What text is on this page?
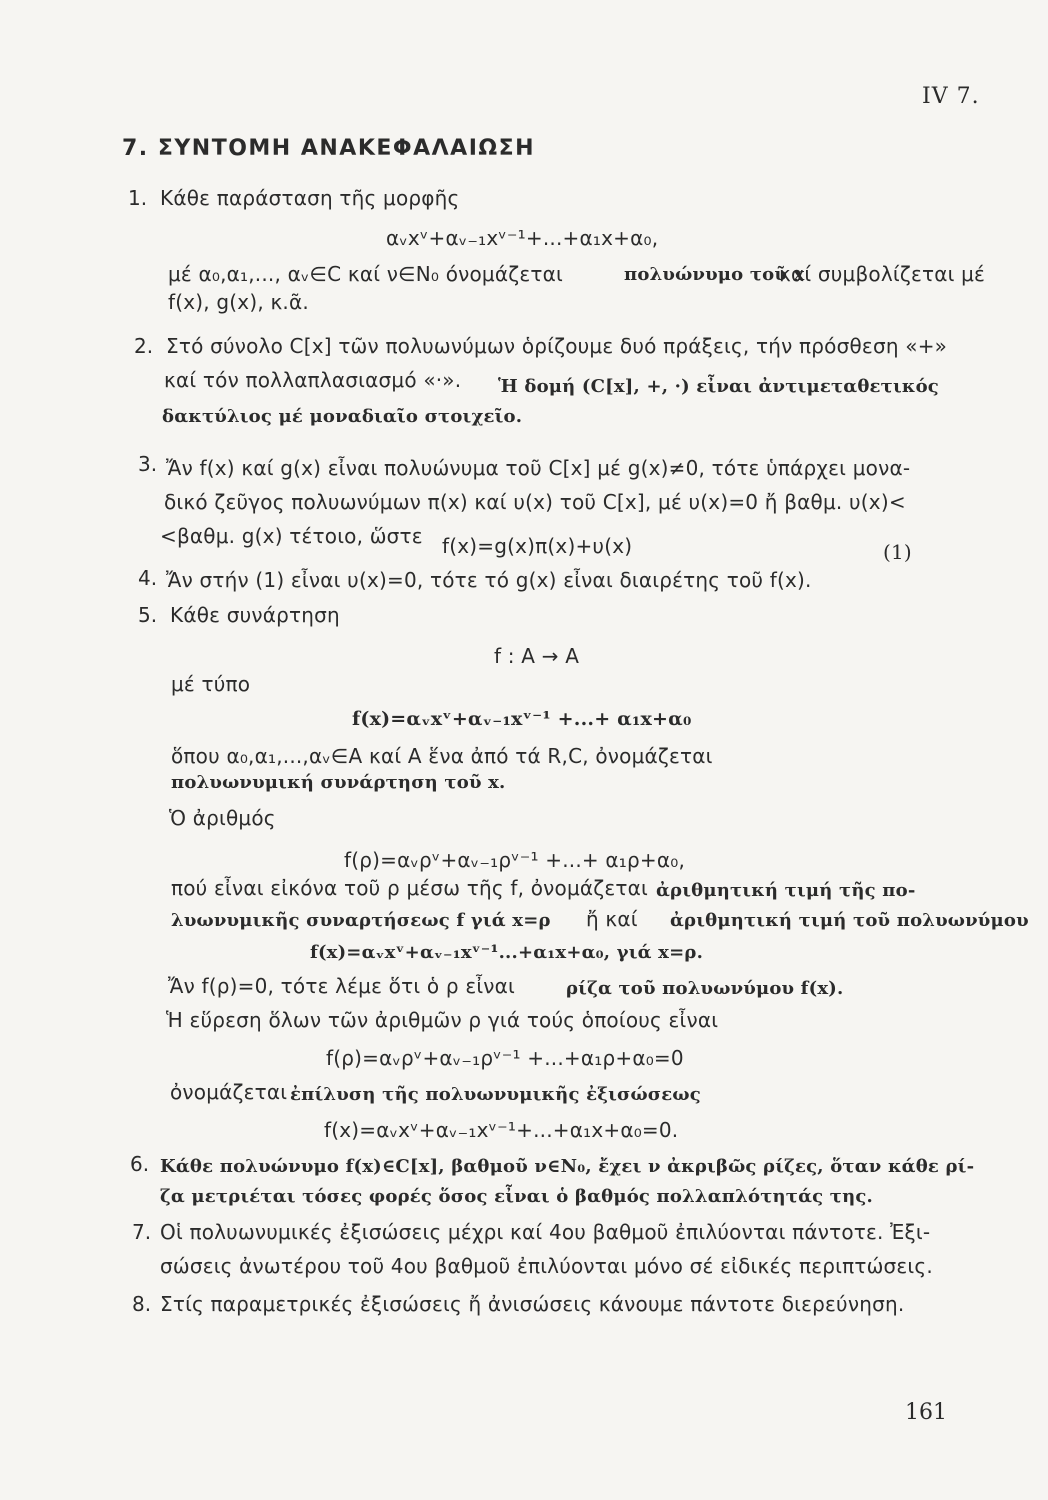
IV 7.
7. ΣΥΝΤΟΜΗ ΑΝΑΚΕΦΑΛΑΙΩΣΗ
1. Κάθε παράσταση τῆς μορφῆς
αᵥxᵛ+αᵥ₋₁xᵛ⁻¹+...+α₁x+α₀,
μέ α₀,α₁,..., αᵥ∈C καί ν∈N₀ όνομάζεται	πολυώνυμο τοῦ x
καί συμβολίζεται μέ
f(x), g(x), κ.ᾶ.
2. Στό σύνολο C[x] τῶν πολυωνύμων ὁρίζουμε δυό πράξεις, τήν πρόσθεση «+»
καί τόν πολλαπλασιασμό «·». Ἡ δομή (C[x], +, ·) εἶναι ἀντιμεταθετικός
δακτύλιος μέ μοναδιαῖο στοιχεῖο.
3. Ἄν f(x) καί g(x) εἶναι πολυώνυμα τοῦ C[x] μέ g(x)≠0, τότε ὑπάρχει μονα-
δικό ζεῦγος πολυωνύμων π(x) καί υ(x) τοῦ C[x], μέ υ(x)=0 ἤ βαθμ. υ(x)<
<βαθμ. g(x) τέτοιο, ὥστε f(x)=g(x)π(x)+υ(x)	(1)
4. Ἄν στήν (1) εἶναι υ(x)=0, τότε τό g(x) εἶναι διαιρέτης τοῦ f(x).
5. Κάθε συνάρτηση
f : A → A
μέ τύπο
f(x)=αᵥxᵛ+αᵥ₋₁xᵛ⁻¹ +...+ α₁x+α₀
ὅπου α₀,α₁,...,αᵥ∈A καί A ἕνα ἀπό τά R,C, ὀνομάζεται
πολυωνυμική συνάρτηση τοῦ x.
Ὁ ἀριθμός
f(ρ)=αᵥρᵛ+αᵥ₋₁ρᵛ⁻¹ +...+ α₁ρ+α₀,
πού εἶναι εἰκόνα τοῦ ρ μέσω τῆς f, ὀνομάζεται ἀριθμητική τιμή τῆς πο-
λυωνυμικῆς συναρτήσεως f γιά x=ρ ἤ καί ἀριθμητική τιμή τοῦ πολυωνύμου
f(x)=αᵥxᵛ+αᵥ₋₁xᵛ⁻¹...+α₁x+α₀, γιά x=ρ.
Ἄν f(ρ)=0, τότε λέμε ὅτι ὁ ρ εἶναι	ρίζα τοῦ πολυωνύμου f(x).
Ἡ εὕρεση ὅλων τῶν ἀριθμῶν ρ γιά τούς ὁποίους εἶναι
f(ρ)=αᵥρᵛ+αᵥ₋₁ρᵛ⁻¹ +...+α₁ρ+α₀=0
ὀνομάζεται ἐπίλυση τῆς πολυωνυμικῆς ἐξισώσεως
f(x)=αᵥxᵛ+αᵥ₋₁xᵛ⁻¹+...+α₁x+α₀=0.
6. Κάθε πολυώνυμο f(x)∈C[x], βαθμοῦ ν∈N₀, ἔχει ν ἀκριβῶς ρίζες, ὅταν κάθε ρί-
ζα μετριέται τόσες φορές ὅσος εἶναι ὁ βαθμός πολλαπλότητάς της.
7. Οἱ πολυωνυμικές ἐξισώσεις μέχρι καί 4ου βαθμοῦ ἐπιλύονται πάντοτε. Ἐξι-
σώσεις ἀνωτέρου τοῦ 4ου βαθμοῦ ἐπιλύονται μόνο σέ εἰδικές περιπτώσεις.
8. Στίς παραμετρικές ἐξισώσεις ἤ ἀνισώσεις κάνουμε πάντοτε διερεύνηση.
161
